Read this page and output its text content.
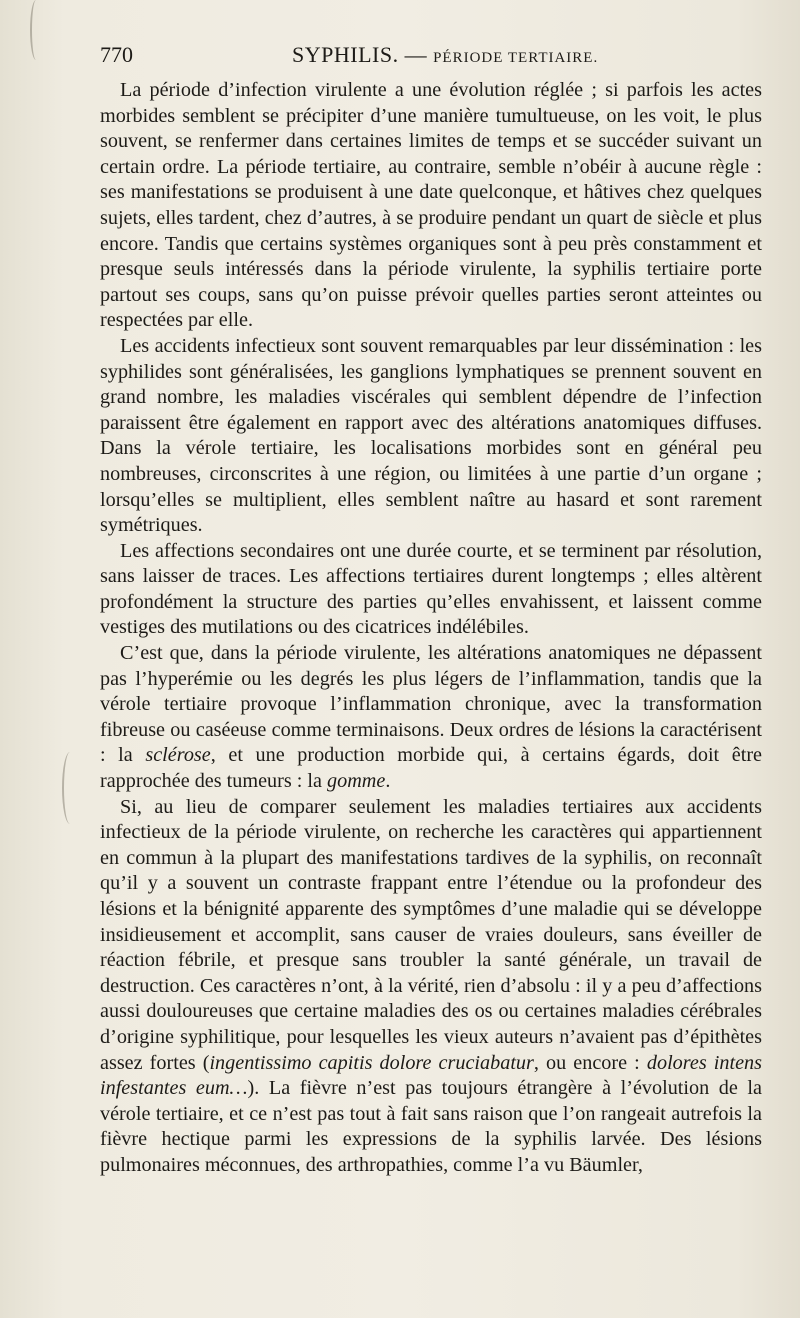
770	SYPHILIS. — PÉRIODE TERTIAIRE.

La période d’infection virulente a une évolution réglée ; si parfois les actes morbides semblent se précipiter d’une manière tumultueuse, on les voit, le plus souvent, se renfermer dans certaines limites de temps et se succéder suivant un certain ordre. La période tertiaire, au contraire, semble n’obéir à aucune règle : ses manifestations se produisent à une date quelconque, et hâtives chez quelques sujets, elles tardent, chez d’autres, à se produire pendant un quart de siècle et plus encore. Tandis que certains systèmes organiques sont à peu près constamment et presque seuls intéressés dans la période virulente, la syphilis tertiaire porte partout ses coups, sans qu’on puisse prévoir quelles parties seront atteintes ou respectées par elle.

Les accidents infectieux sont souvent remarquables par leur dissémination : les syphilides sont généralisées, les ganglions lymphatiques se prennent souvent en grand nombre, les maladies viscérales qui semblent dépendre de l’infection paraissent être également en rapport avec des altérations anatomiques diffuses. Dans la vérole tertiaire, les localisations morbides sont en général peu nombreuses, circonscrites à une région, ou limitées à une partie d’un organe ; lorsqu’elles se multiplient, elles semblent naître au hasard et sont rarement symétriques.

Les affections secondaires ont une durée courte, et se terminent par résolution, sans laisser de traces. Les affections tertiaires durent longtemps ; elles altèrent profondément la structure des parties qu’elles envahissent, et laissent comme vestiges des mutilations ou des cicatrices indélébiles.

C’est que, dans la période virulente, les altérations anatomiques ne dépassent pas l’hyperémie ou les degrés les plus légers de l’inflammation, tandis que la vérole tertiaire provoque l’inflammation chronique, avec la transformation fibreuse ou caséeuse comme terminaisons. Deux ordres de lésions la caractérisent : la sclérose, et une production morbide qui, à certains égards, doit être rapprochée des tumeurs : la gomme.

Si, au lieu de comparer seulement les maladies tertiaires aux accidents infectieux de la période virulente, on recherche les caractères qui appartiennent en commun à la plupart des manifestations tardives de la syphilis, on reconnaît qu’il y a souvent un contraste frappant entre l’étendue ou la profondeur des lésions et la bénignité apparente des symptômes d’une maladie qui se développe insidieusement et accomplit, sans causer de vraies douleurs, sans éveiller de réaction fébrile, et presque sans troubler la santé générale, un travail de destruction. Ces caractères n’ont, à la vérité, rien d’absolu : il y a peu d’affections aussi douloureuses que certaine maladies des os ou certaines maladies cérébrales d’origine syphilitique, pour lesquelles les vieux auteurs n’avaient pas d’épithètes assez fortes (ingentissimo capitis dolore cruciabatur, ou encore : dolores intens infestantes eum…). La fièvre n’est pas toujours étrangère à l’évolution de la vérole tertiaire, et ce n’est pas tout à fait sans raison que l’on rangeait autrefois la fièvre hectique parmi les expressions de la syphilis larvée. Des lésions pulmonaires méconnues, des arthropathies, comme l’a vu Bäumler,
